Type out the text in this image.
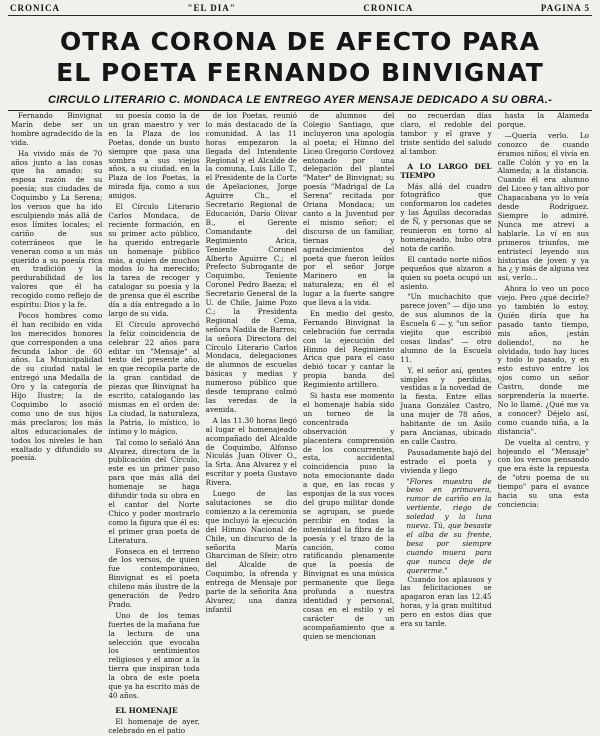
CRONICA	"EL DIA"	CRONICA	PAGINA 5
OTRA CORONA DE AFECTO PARA
EL POETA FERNANDO BINVIGNAT
CIRCULO LITERARIO C. MONDACA LE ENTREGO AYER MENSAJE DEDICADO A SU OBRA.-

Fernando Binvignat Marín debe ser un hombre agradecido de la vida.

Ha vivido más de 70 años junto a las cosas que ha amado: su esposa razón de su poesía; sus ciudades de Coquimbo y La Serena; los versos que ha ido esculpiendo más allá de esos límites locales; el cariño de sus coterráneos que le veneran como a un más querido a su poesía rica en tradición y la perdurabilidad de los valores que él ha recogido como reflejo de espíritu: Dios y la fe.

Pocos hombres como él han recibido en vida los merecidos honores que corresponden a una fecunda labor de 60 años. La Municipalidad de su ciudad natal le entregó una Medalla de Oro y la categoría de Hijo Ilustre; la de Coquimbo lo asoció como uno de sus hijos más preclaros; los más altos educacionales de todos los niveles le han exaltado y difundido su poesía.

su poesía como la de un gran maestro y ver en la Plaza de los Poetas, donde un busto siempre que pasa una sombra a sus viejos años, a su ciudad, en la Plaza de los Poetas, la mirada fija, como a sus amigos.

El Círculo Literario Carlos Mondaca, de reciente formación, en su primer acto público, ha querido entregarle un homenaje público más, a quien de muchos modos lo ha merecido; la tarea de recoger y catalogar su poesía y la de prensa que él escribe día a día entregado a lo largo de su vida.

El Círculo aprovechó la feliz coincidencia de celebrar 22 años para editar un "Mensaje" al texto del presente año, en que recopila parte de la gran cantidad de piezas que Binvignat ha escrito, catalogando las mismas en el orden de: La ciudad, la naturaleza, la Patria, lo místico, lo íntimo y lo mágico.

Tal como lo señaló Ana Alvarez, directora de la publicación del Círculo, este es un primer paso para que más allá del homenaje se haga difundir toda su obra en el cantor del Norte Chico y poder mostrarlo como la figura que él es: el primer gran poeta de Literatura.

Fonseca en el terreno de los versos, de quien fue contemporáneo, Binvignat es el poeta chileno más ilustre de la generación de Pedro Prado.

Uno de los temas fuertes de la mañana fue la lectura de una selección que evocaba los sentimientos religiosos y el amor a la tierra que inspiran toda la obra de este poeta que ya ha escrito más de 40 años.

EL HOMENAJE

El homenaje de ayer, celebrado en el patio

de los Poetas, reunió lo más destacado de la comunidad. A las 11 horas empezaron la llegada del Intendente Regional y el Alcalde de la comuna, Luis Lillo T., el Presidente de la Corte de Apelaciones, Jorge Aguirre Ch., el Secretario Regional de Educación, Darío Olivar B., el Gerente Comandante del Regimiento Arica, Teniente Coronel Alberto Aguirre C.; el Prefecto Subrogante de Coquimbo, Teniente Coronel Pedro Baeza; el Secretario General de la U. de Chile, Jaime Pozo C.; la Presidenta Regional de Cema, señora Nadila de Barros; la señora Directora del Círculo Literario Carlos Mondaca, delegaciones de alumnos de escuelas básicas y medias y numeroso público que desde temprano colmó las veredas de la avenida.

A las 11.30 horas llegó al lugar el homenajeado acompañado del Alcalde de Coquimbo, Alfonso Nicolás Juan Oliver O., la Srta. Ana Alvarez y el escritor y poeta Gustavo Rivera.

Luego de las salutaciones se dio comienzo a la ceremonia que incluyó la ejecución del Himno Nacional de Chile, un discurso de la señorita María Gharciman de Sfeir; otro del Alcalde de Coquimbo, la ofrenda y entrega de Mensaje por parte de la señorita Ana Alvarez; una danza infantil

de alumnos del Colegio Santiago, que incluyeron una apología al poeta; el Himno del Liceo Gregorio Cordovez entonado por una delegación del plantel "Mater" de Binvignat; su poesía "Madrigal de La Serena" recitada por Oriana Mondaca; un canto a la Juventud por el mismo señor; el discurso de un familiar, tiernas y agradecimientos del poeta que fueron leídos por el señor Jorge Marinero en la naturaleza; en él el lugar a la fuerte sangre que lleva a la vida.

En medio del gesto, Fernando Binvignat la celebración fue cerrada con la ejecución del Himno del Regimiento Arica que para el caso debió tocar y cantar la propia banda del Regimiento artillero.

Si hasta ese momento el homenaje había sido un torneo de la concentrada observación y placentera comprensión de los concurrentes, esta, accidental coincidencia puso la nota emocionante dado a que, en las rocas y esponjas de la sus voces del grupo militar donde se agrupan, se puede percibir en todas la intensidad la fibra de la poesía y el trazo de la canción, como ratificando plenamente que la poesía de Binvignat es una música permanente que llega profunda a nuestra identidad y personal, cosas en el estilo y el carácter de un acompañamiento que a quien se mencionan

no recuerdan días claro, el redoble del tambor y el grave y triste sentido del saludo al tambor.

A LO LARGO DEL TIEMPO

Más allá del cuadro fotográfico que conformaron los cadetes y las Águilas decoradas de Ñ, y personas que se reunieron en torno al homenajeado, hubo otra nota de cariño.

El cantado norte niños pequeños que alzaron a quien su poeta ocupó un asiento.

"Un muchachito que parece joven" — dijo uno de sus alumnos de la Escuela 6 — y, "un señor viejito que escribió cosas lindas" — otro alumno de la Escuela 11.

Y, el señor así, gentes simples y perdidas, vestidas a la novedad de la fiesta. Entre ellas Juana González Castro, una mujer de 78 años, habitante de un Asilo para Ancianas, ubicado en calle Castro.

Pausadamente bajó del estrado el poeta y vivienda y llego

"Flores muestra de beso en primavera, rumor de cariño en la vertiente, riego de soledad y la luna nueva. Tú, que besaste el alba de su frente, besa por siempre cuando muera para que nunca deje de quererme."

Cuando los aplausos y las felicitaciones se apagaron eran las 12.45 horas, y la gran multitud pero en estos días que era su tarde.

hasta la Alameda porque.

—Quería verlo. Lo conozco de cuando éramos niños; él vivía en calle Colón y yo en la Alameda; a la distancia. Cuando él era alumno del Liceo y tan altivo por Chapacabana yo lo veía desde Rodríguez. Siempre lo admiré. Nunca me atreví a hablarle. Lo ví en sus primeros triunfos, me entristecí leyendo sus historias de joven y ya ha ¿ y más de alguna vez así, verlo...

Ahora lo veo un poco viejo. Pero ¿qué decirle? yo también lo estoy. Quién diría que ha pasado tanto tiempo, mis años, ¡están doliendo!, no he olvidado, todo hay luces y todo lo pasado, y en esto estuvo entre los ojos como un señor Castro, donde me sorprendería la muerte. No lo llamé. ¿Qué me va a conocer? Déjelo así, como cuando niña, a la distancia".

De vuelta al centro, y hojeando el "Mensaje" con los versos pensando que era éste la repuesta de "otro poema de su tiempo" para el avance hacia su una esta conciencia:
